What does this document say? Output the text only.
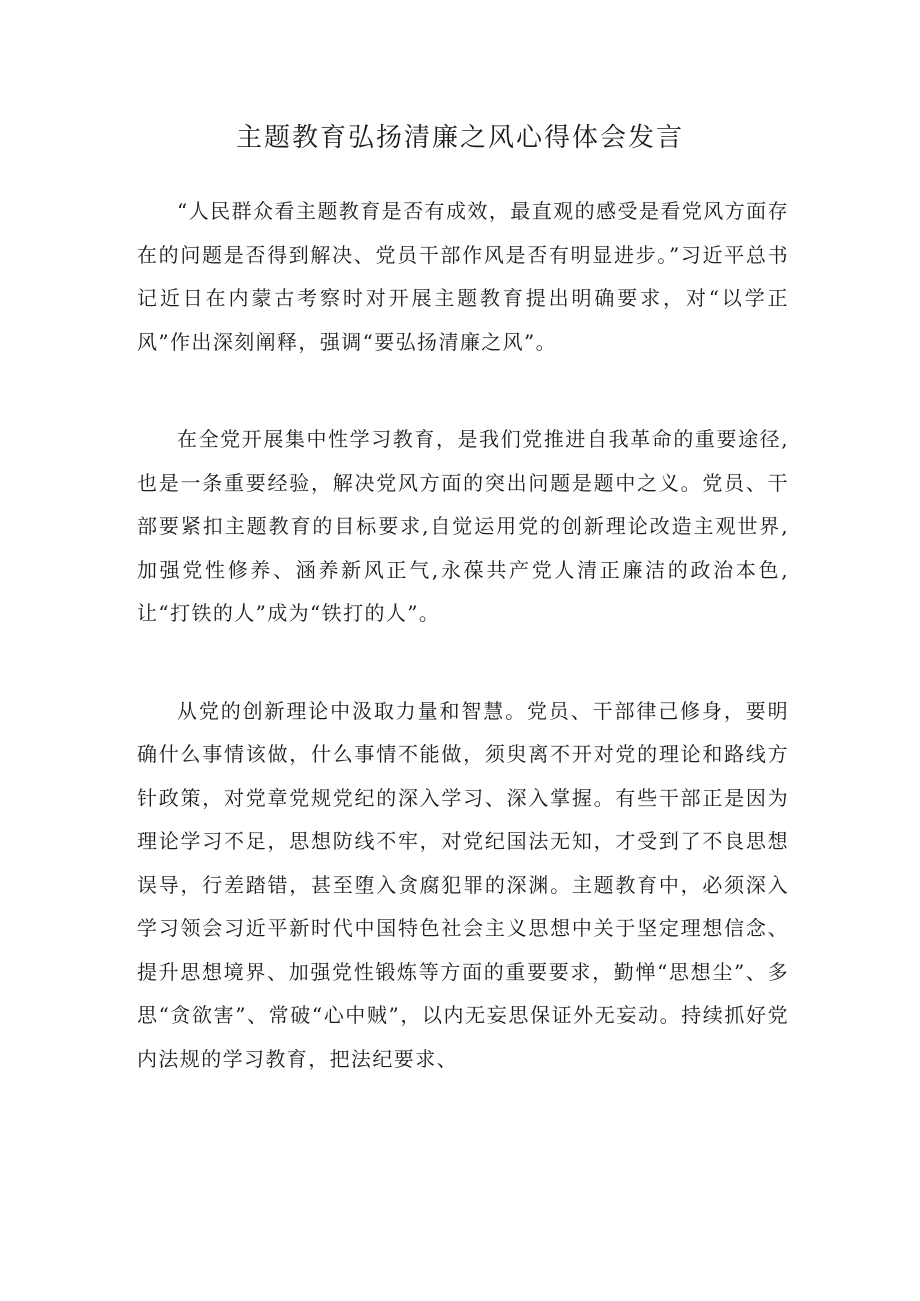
主题教育弘扬清廉之风心得体会发言

“人民群众看主题教育是否有成效，最直观的感受是看党风方面存在的问题是否得到解决、党员干部作风是否有明显进步。”习近平总书记近日在内蒙古考察时对开展主题教育提出明确要求，对“以学正风”作出深刻阐释，强调“要弘扬清廉之风”。

在全党开展集中性学习教育，是我们党推进自我革命的重要途径,也是一条重要经验，解决党风方面的突出问题是题中之义。党员、干部要紧扣主题教育的目标要求,自觉运用党的创新理论改造主观世界,加强党性修养、涵养新风正气,永葆共产党人清正廉洁的政治本色,让“打铁的人”成为“铁打的人”。

从党的创新理论中汲取力量和智慧。党员、干部律己修身，要明确什么事情该做，什么事情不能做，须臾离不开对党的理论和路线方针政策，对党章党规党纪的深入学习、深入掌握。有些干部正是因为理论学习不足，思想防线不牢，对党纪国法无知，才受到了不良思想误导，行差踏错，甚至堕入贪腐犯罪的深渊。主题教育中，必须深入学习领会习近平新时代中国特色社会主义思想中关于坚定理想信念、提升思想境界、加强党性锻炼等方面的重要要求，勤惮“思想尘”、多思“贪欲害”、常破“心中贼”，以内无妄思保证外无妄动。持续抓好党内法规的学习教育，把法纪要求、
